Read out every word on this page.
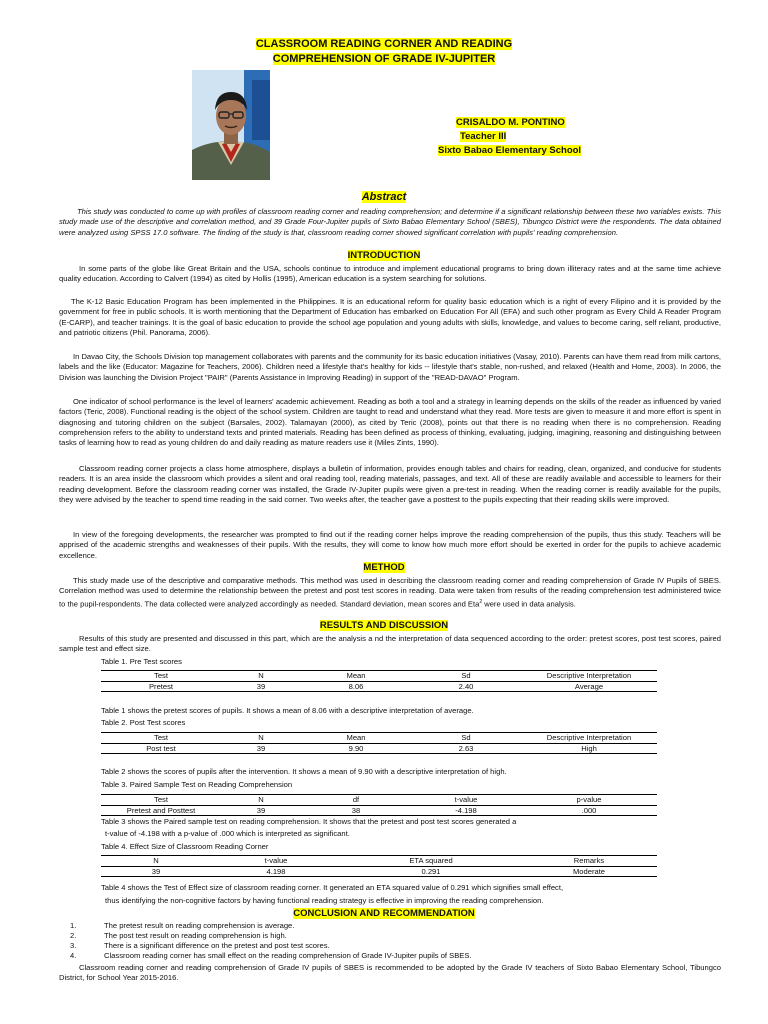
CLASSROOM READING CORNER AND READING
COMPREHENSION OF GRADE IV-JUPITER
CRISALDO M. PONTINO
Teacher III
Sixto Babao Elementary School
Abstract

This study was conducted to come up with profiles of classroom reading corner and reading comprehension; and determine if a significant relationship between these two variables exists. This study made use of the descriptive and correlation method, and 39 Grade Four-Jupiter pupils of Sixto Babao Elementary School (SBES), Tibungco District were the respondents. The data obtained were analyzed using SPSS 17.0 software. The finding of the study is that, classroom reading corner showed significant correlation with pupils' reading comprehension.

INTRODUCTION

In some parts of the globe like Great Britain and the USA, schools continue to introduce and implement educational programs to bring down illiteracy rates and at the same time achieve quality education. According to Calvert (1994) as cited by Hollis (1995), American education is a system searching for solutions.

The K-12 Basic Education Program has been implemented in the Philippines. It is an educational reform for quality basic education which is a right of every Filipino and it is provided by the government for free in public schools. It is worth mentioning that the Department of Education has embarked on Education For All (EFA) and such other program as Every Child A Reader Program (E-CARP), and teacher trainings. It is the goal of basic education to provide the school age population and young adults with skills, knowledge, and values to become caring, self reliant, productive, and patriotic citizens (Phil. Panorama, 2006).

In Davao City, the Schools Division top management collaborates with parents and the community for its basic education initiatives (Vasay, 2010). Parents can have them read from milk cartons, labels and the like (Educator: Magazine for Teachers, 2006). Children need a lifestyle that's healthy for kids -- lifestyle that's stable, non-rushed, and relaxed (Health and Home, 2003). In 2006, the Division was launching the Division Project "PAIR" (Parents Assistance in Improving Reading) in support of the "READ-DAVAO" Program.

One indicator of school performance is the level of learners' academic achievement. Reading as both a tool and a strategy in learning depends on the skills of the reader as influenced by varied factors (Teric, 2008). Functional reading is the object of the school system. Children are taught to read and understand what they read. More tests are given to measure it and more effort is spent in diagnosing and tutoring children on the subject (Barsales, 2002). Talamayan (2000), as cited by Teric (2008), points out that there is no reading when there is no comprehension. Reading comprehension refers to the ability to understand texts and printed materials. Reading has been defined as process of thinking, evaluating, judging, imagining, reasoning and distinguishing between tasks of learning how to read as young children do and daily reading as mature readers use it (Miles Zints, 1990).

Classroom reading corner projects a class home atmosphere, displays a bulletin of information, provides enough tables and chairs for reading, clean, organized, and conducive for students readers. It is an area inside the classroom which provides a silent and oral reading tool, reading materials, passages, and text. All of these are readily available and accessible to learners for their reading development. Before the classroom reading corner was installed, the Grade IV-Jupiter pupils were given a pre-test in reading. When the reading corner is readily available for the pupils, they were advised by the teacher to spend time reading in the said corner. Two weeks after, the teacher gave a posttest to the pupils expecting that their reading skills were improved.

In view of the foregoing developments, the researcher was prompted to find out if the reading corner helps improve the reading comprehension of the pupils, thus this study. Teachers will be apprised of the academic strengths and weaknesses of their pupils. With the results, they will come to know how much more effort should be exerted in order for the pupils to achieve academic excellence.

METHOD

This study made use of the descriptive and comparative methods. This method was used in describing the classroom reading corner and reading comprehension of Grade IV Pupils of SBES. Correlation method was used to determine the relationship between the pretest and post test scores in reading. Data were taken from results of the reading comprehension test administered twice to the pupil-respondents. The data collected were analyzed accordingly as needed. Standard deviation, mean scores and Eta$^2$ were used in data analysis.

RESULTS AND DISCUSSION

Results of this study are presented and discussed in this part, which are the analysis a nd the interpretation of data sequenced according to the order: pretest scores, post test scores, paired sample test and effect size.

Table 1. Pre Test scores
Test	N	Mean	Sd	Descriptive Interpretation
Pretest	39	8.06	2.40	Average
Table 1 shows the pretest scores of pupils. It shows a mean of 8.06 with a descriptive interpretation of average.
Table 2. Post Test scores
Test	N	Mean	Sd	Descriptive Interpretation
Post test	39	9.90	2.63	High
Table 2 shows the scores of pupils after the intervention. It shows a mean of 9.90 with a descriptive interpretation of high.
Table 3. Paired Sample Test on Reading Comprehension
Test	N	df	t-value	p-value
Pretest and Posttest	39	38	-4.198	.000
Table 3 shows the Paired sample test on reading comprehension. It shows that the pretest and post test scores generated a
t-value of -4.198 with a p-value of .000 which is interpreted as significant.
Table 4. Effect Size of Classroom Reading Corner
N	t-value	ETA squared	Remarks
39	4.198	0.291	Moderate
Table 4 shows the Test of Effect size of classroom reading corner. It generated an ETA squared value of 0.291 which signifies small effect,
thus identifying the non-cognitive factors by having functional reading strategy is effective in improving the reading comprehension.
CONCLUSION AND RECOMMENDATION
1.	The pretest result on reading comprehension is average.
2.	The post test result on reading comprehension is high.
3.	There is a significant difference on the pretest and post test scores.
4.	Classroom reading corner has small effect on the reading comprehension of Grade IV-Jupiter pupils of SBES.

Classroom reading corner and reading comprehension of Grade IV pupils of SBES is recommended to be adopted by the Grade IV teachers of Sixto Babao Elementary School, Tibungco District, for School Year 2015-2016.
